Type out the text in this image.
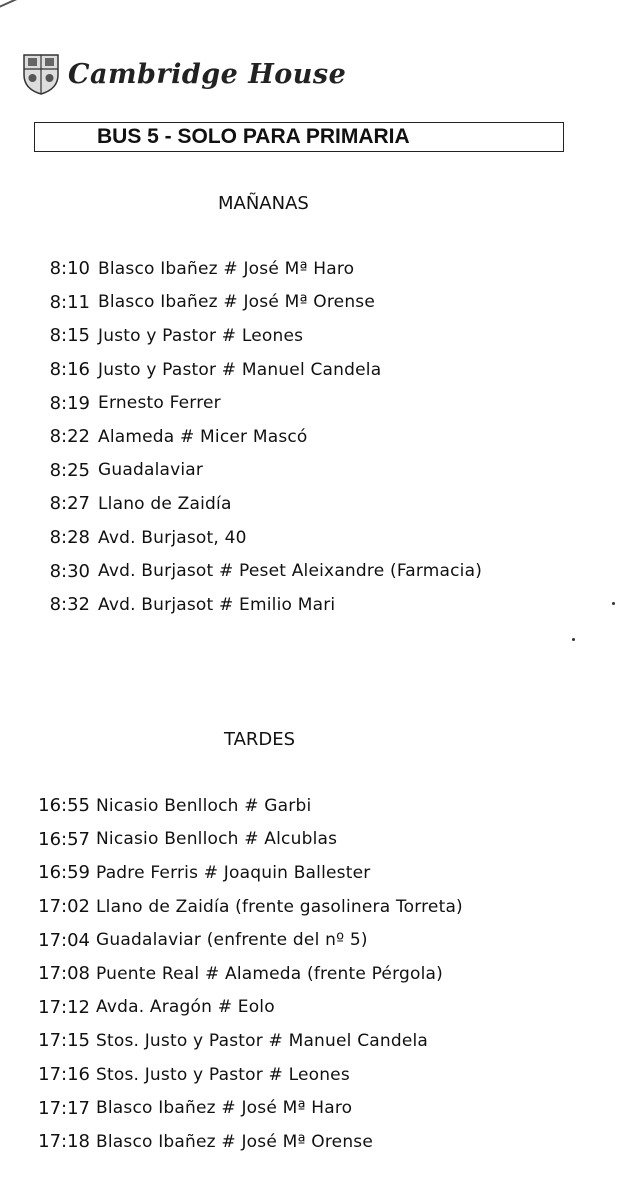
Cambridge House
BUS 5 - SOLO PARA PRIMARIA
MAÑANAS
8:10 Blasco Ibañez # José Mª Haro
8:11 Blasco Ibañez # José Mª Orense
8:15 Justo y Pastor # Leones
8:16 Justo y Pastor # Manuel Candela
8:19 Ernesto Ferrer
8:22 Alameda # Micer Mascó
8:25 Guadalaviar
8:27 Llano de Zaidía
8:28 Avd. Burjasot, 40
8:30 Avd. Burjasot # Peset Aleixandre (Farmacia)
8:32 Avd. Burjasot # Emilio Mari
TARDES
16:55 Nicasio Benlloch # Garbi
16:57 Nicasio Benlloch # Alcublas
16:59 Padre Ferris # Joaquin Ballester
17:02 Llano de Zaidía (frente gasolinera Torreta)
17:04 Guadalaviar (enfrente del nº 5)
17:08 Puente Real # Alameda (frente Pérgola)
17:12 Avda. Aragón # Eolo
17:15 Stos. Justo y Pastor # Manuel Candela
17:16 Stos. Justo y Pastor # Leones
17:17 Blasco Ibañez # José Mª Haro
17:18 Blasco Ibañez # José Mª Orense
